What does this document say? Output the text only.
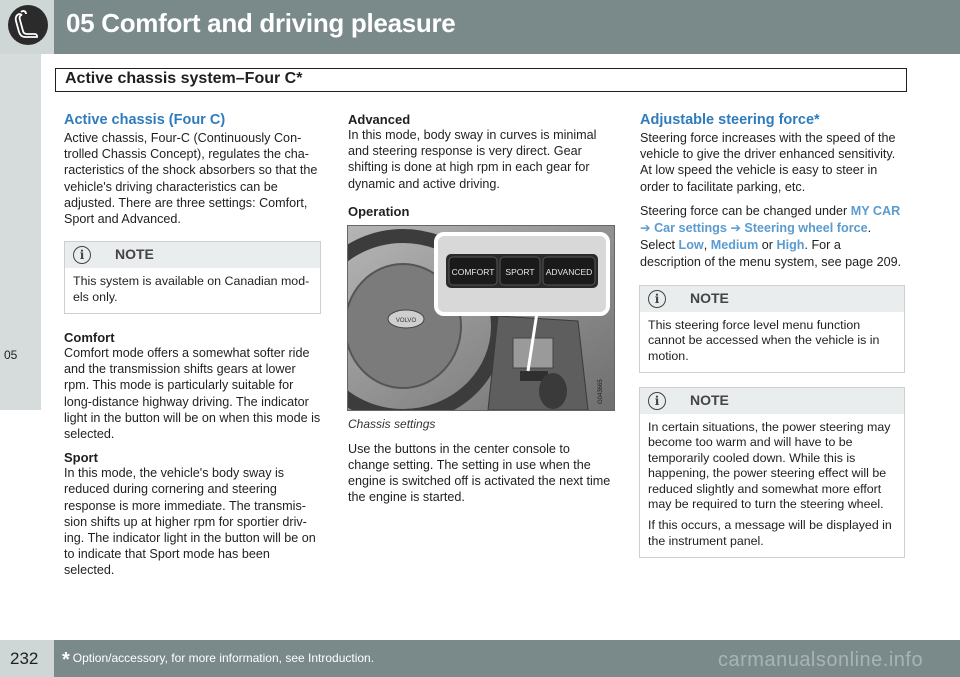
05 Comfort and driving pleasure
Active chassis system–Four C*
05
Active chassis (Four C)

Active chassis, Four-C (Continuously Con-trolled Chassis Concept), regulates the cha-racteristics of the shock absorbers so that the vehicle's driving characteristics can be adjusted. There are three settings: Comfort, Sport and Advanced.

i	NOTE

This system is available on Canadian mod-els only.

Comfort

Comfort mode offers a somewhat softer ride and the transmission shifts gears at lower rpm. This mode is particularly suitable for long-distance highway driving. The indicator light in the button will be on when this mode is selected.

Sport

In this mode, the vehicle's body sway is reduced during cornering and steering response is more immediate. The transmis-sion shifts up at higher rpm for sportier driv-ing. The indicator light in the button will be on to indicate that Sport mode has been selected.

Advanced

In this mode, body sway in curves is minimal and steering response is very direct. Gear shifting is done at high rpm in each gear for dynamic and active driving.

Operation
COMFORT SPORT ADVANCED
VOLVO
G043665
Chassis settings

Use the buttons in the center console to change setting. The setting in use when the engine is switched off is activated the next time the engine is started.

Adjustable steering force*

Steering force increases with the speed of the vehicle to give the driver enhanced sensitivity. At low speed the vehicle is easy to steer in order to facilitate parking, etc.

Steering force can be changed under MY CAR ➔ Car settings ➔ Steering wheel force. Select Low, Medium or High. For a description of the menu system, see page 209.

i	NOTE

This steering force level menu function cannot be accessed when the vehicle is in motion.

i	NOTE

In certain situations, the power steering may become too warm and will have to be temporarily cooled down. While this is happening, the power steering effect will be reduced slightly and somewhat more effort may be required to turn the steering wheel.

If this occurs, a message will be displayed in the instrument panel.

232 * Option/accessory, for more information, see Introduction.	carmanualsonline.info
